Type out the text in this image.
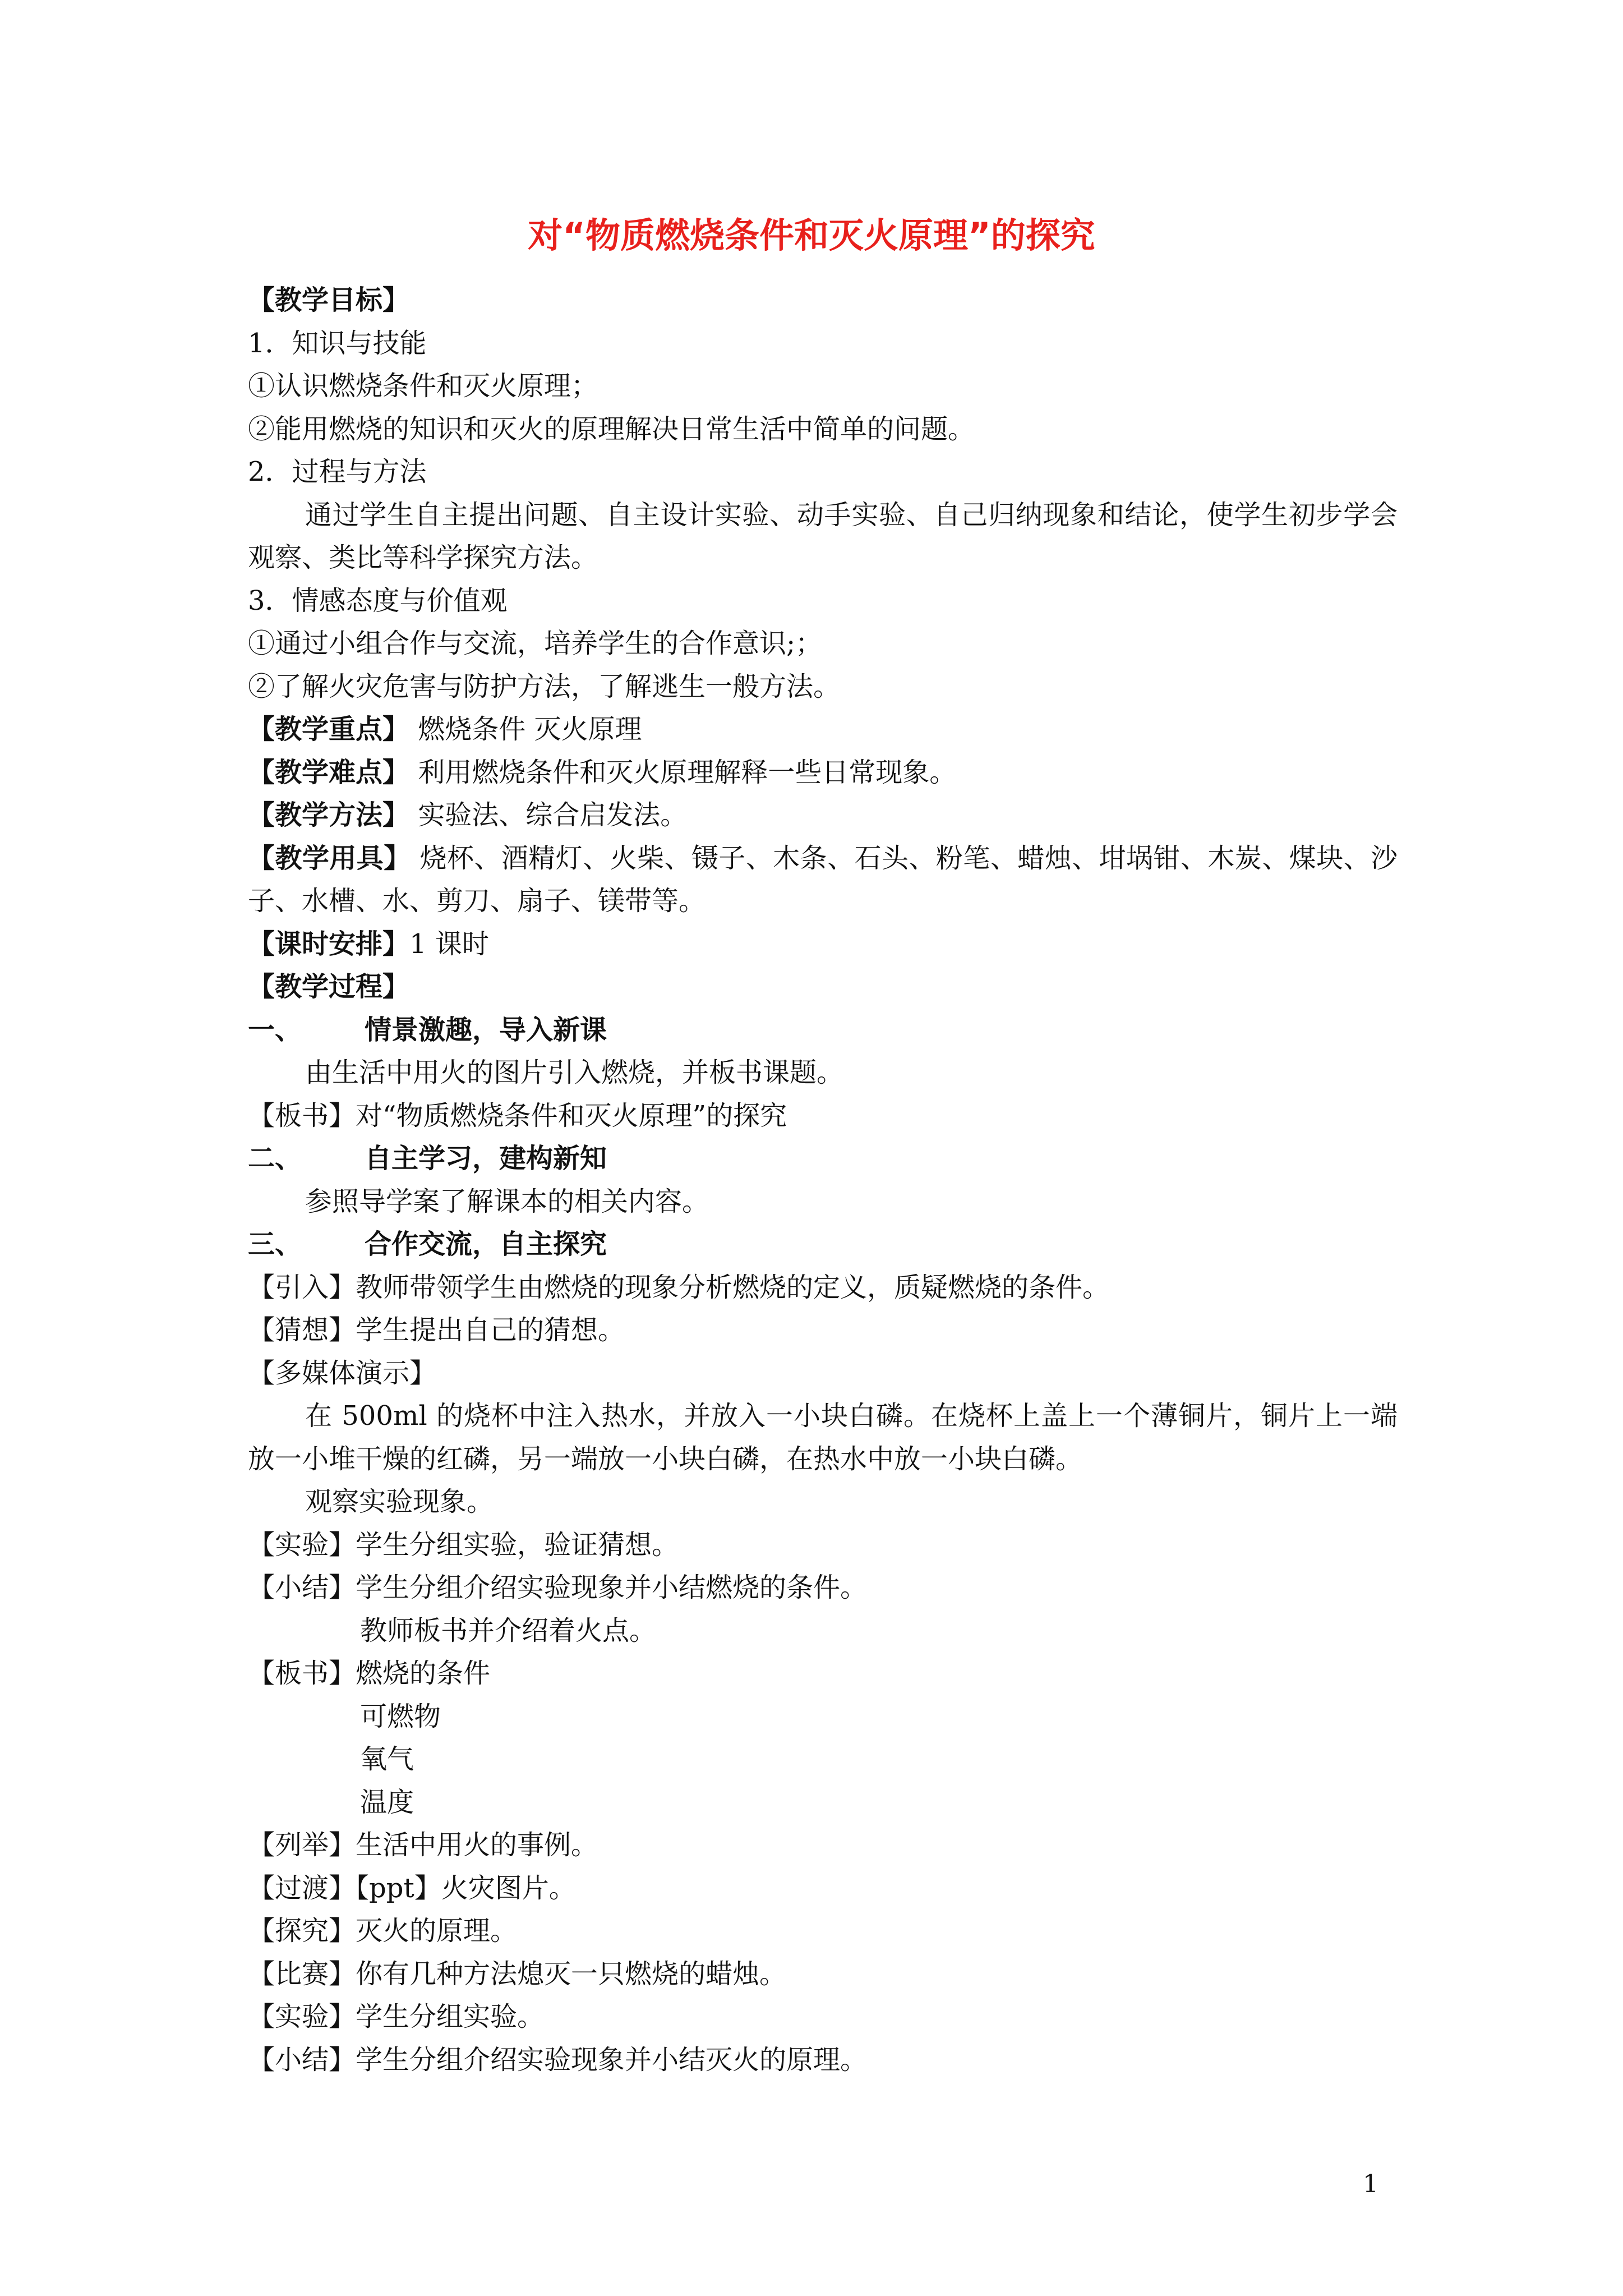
对“物质燃烧条件和灭火原理”的探究
【教学目标】
1．知识与技能
①认识燃烧条件和灭火原理；
②能用燃烧的知识和灭火的原理解决日常生活中简单的问题。
2．过程与方法
通过学生自主提出问题、自主设计实验、动手实验、自己归纳现象和结论，使学生初步学会观察、类比等科学探究方法。
3．情感态度与价值观
①通过小组合作与交流，培养学生的合作意识;；
②了解火灾危害与防护方法，了解逃生一般方法。
【教学重点】 燃烧条件 灭火原理
【教学难点】 利用燃烧条件和灭火原理解释一些日常现象。
【教学方法】 实验法、综合启发法。
【教学用具】 烧杯、酒精灯、火柴、镊子、木条、石头、粉笔、蜡烛、坩埚钳、木炭、煤块、沙子、水槽、水、剪刀、扇子、镁带等。
【课时安排】1 课时
【教学过程】
一、 情景激趣，导入新课
由生活中用火的图片引入燃烧，并板书课题。
【板书】对“物质燃烧条件和灭火原理”的探究
二、 自主学习，建构新知
参照导学案了解课本的相关内容。
三、 合作交流，自主探究
【引入】教师带领学生由燃烧的现象分析燃烧的定义，质疑燃烧的条件。
【猜想】学生提出自己的猜想。
【多媒体演示】
在 500ml 的烧杯中注入热水，并放入一小块白磷。在烧杯上盖上一个薄铜片，铜片上一端放一小堆干燥的红磷，另一端放一小块白磷，在热水中放一小块白磷。
观察实验现象。
【实验】学生分组实验，验证猜想。
【小结】学生分组介绍实验现象并小结燃烧的条件。
教师板书并介绍着火点。
【板书】燃烧的条件
可燃物
氧气
温度
【列举】生活中用火的事例。
【过渡】【ppt】火灾图片。
【探究】灭火的原理。
【比赛】你有几种方法熄灭一只燃烧的蜡烛。
【实验】学生分组实验。
【小结】学生分组介绍实验现象并小结灭火的原理。
1
